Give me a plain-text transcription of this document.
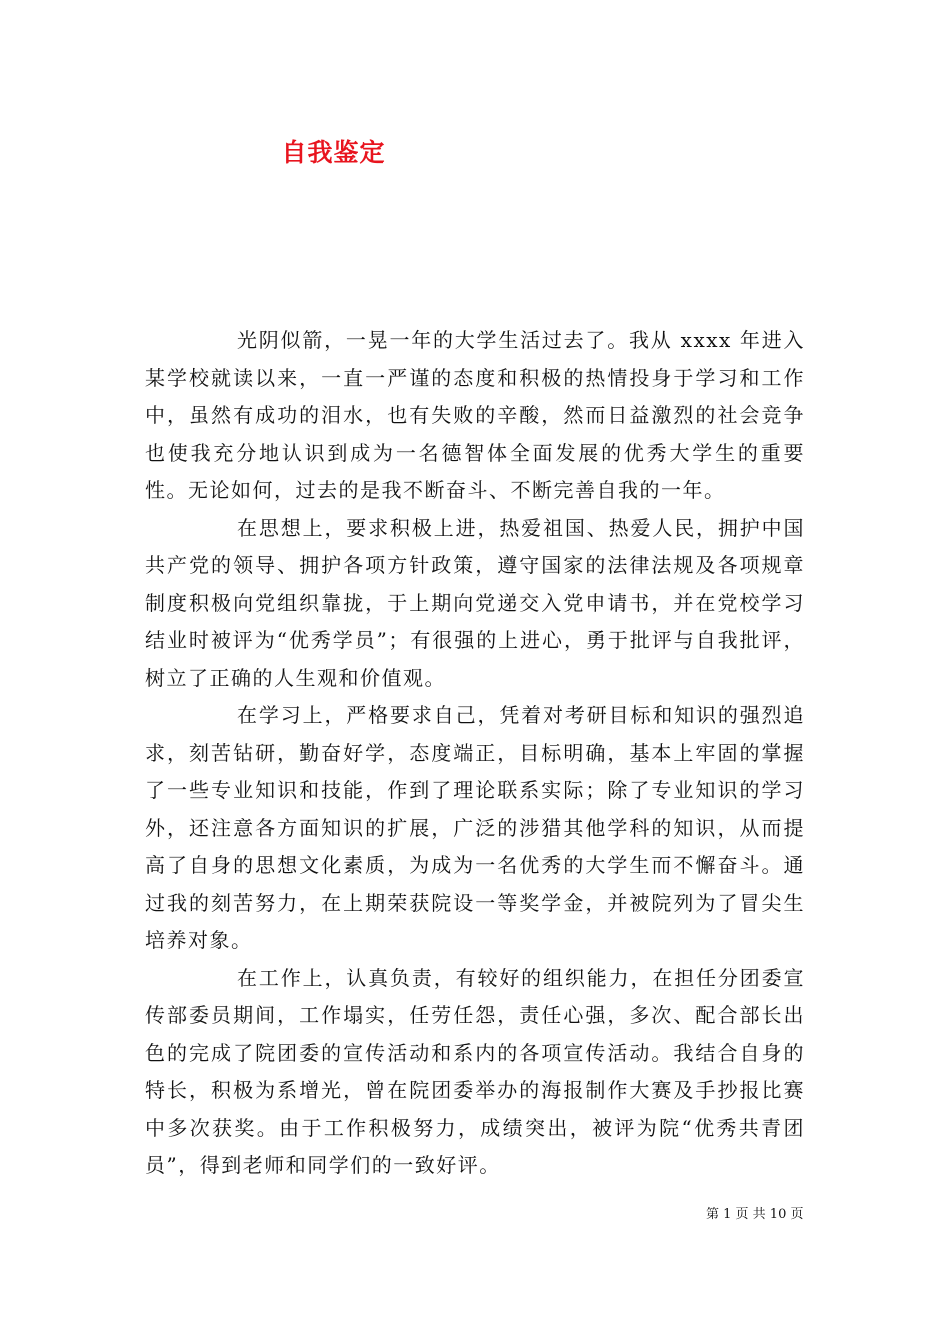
自我鉴定

光阴似箭，一晃一年的大学生活过去了。我从 xxxx 年进入某学校就读以来，一直一严谨的态度和积极的热情投身于学习和工作中，虽然有成功的泪水，也有失败的辛酸，然而日益激烈的社会竞争也使我充分地认识到成为一名德智体全面发展的优秀大学生的重要性。无论如何，过去的是我不断奋斗、不断完善自我的一年。

在思想上，要求积极上进，热爱祖国、热爱人民，拥护中国共产党的领导、拥护各项方针政策，遵守国家的法律法规及各项规章制度积极向党组织靠拢，于上期向党递交入党申请书，并在党校学习结业时被评为“优秀学员”；有很强的上进心，勇于批评与自我批评，树立了正确的人生观和价值观。

在学习上，严格要求自己，凭着对考研目标和知识的强烈追求，刻苦钻研，勤奋好学，态度端正，目标明确，基本上牢固的掌握了一些专业知识和技能，作到了理论联系实际；除了专业知识的学习外，还注意各方面知识的扩展，广泛的涉猎其他学科的知识，从而提高了自身的思想文化素质，为成为一名优秀的大学生而不懈奋斗。通过我的刻苦努力，在上期荣获院设一等奖学金，并被院列为了冒尖生培养对象。

在工作上，认真负责，有较好的组织能力，在担任分团委宣传部委员期间，工作塌实，任劳任怨，责任心强，多次、配合部长出色的完成了院团委的宣传活动和系内的各项宣传活动。我结合自身的特长，积极为系增光，曾在院团委举办的海报制作大赛及手抄报比赛中多次获奖。由于工作积极努力，成绩突出，被评为院“优秀共青团员”，得到老师和同学们的一致好评。

第 1 页 共 10 页
